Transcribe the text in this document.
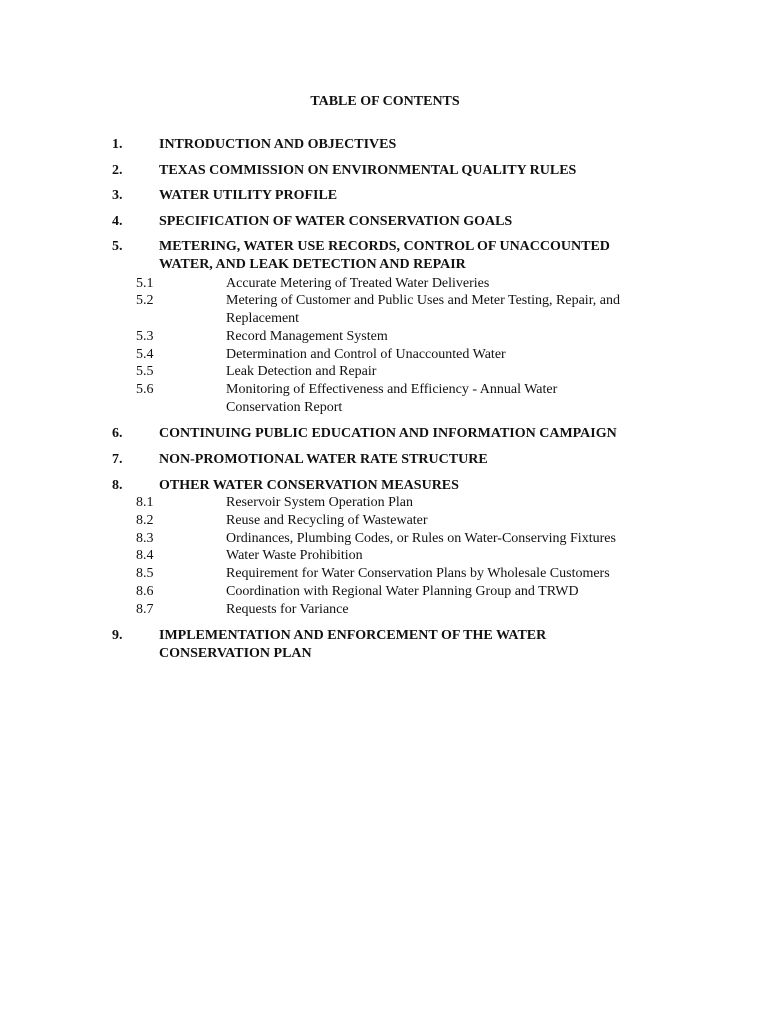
TABLE OF CONTENTS
1.	INTRODUCTION AND OBJECTIVES
2.	TEXAS COMMISSION ON ENVIRONMENTAL QUALITY RULES
3.	WATER UTILITY PROFILE
4.	SPECIFICATION OF WATER CONSERVATION GOALS
5.	METERING, WATER USE RECORDS, CONTROL OF UNACCOUNTED WATER, AND LEAK DETECTION AND REPAIR
5.1	Accurate Metering of Treated Water Deliveries
5.2	Metering of Customer and Public Uses and Meter Testing, Repair, and Replacement
5.3	Record Management System
5.4	Determination and Control of Unaccounted Water
5.5	Leak Detection and Repair
5.6	Monitoring of Effectiveness and Efficiency - Annual Water Conservation Report
6.	CONTINUING PUBLIC EDUCATION AND INFORMATION CAMPAIGN
7.	NON-PROMOTIONAL WATER RATE STRUCTURE
8.	OTHER WATER CONSERVATION MEASURES
8.1	Reservoir System Operation Plan
8.2	Reuse and Recycling of Wastewater
8.3	Ordinances, Plumbing Codes, or Rules on Water-Conserving Fixtures
8.4	Water Waste Prohibition
8.5	Requirement for Water Conservation Plans by Wholesale Customers
8.6	Coordination with Regional Water Planning Group and TRWD
8.7	Requests for Variance
9.	IMPLEMENTATION AND ENFORCEMENT OF THE WATER CONSERVATION PLAN
